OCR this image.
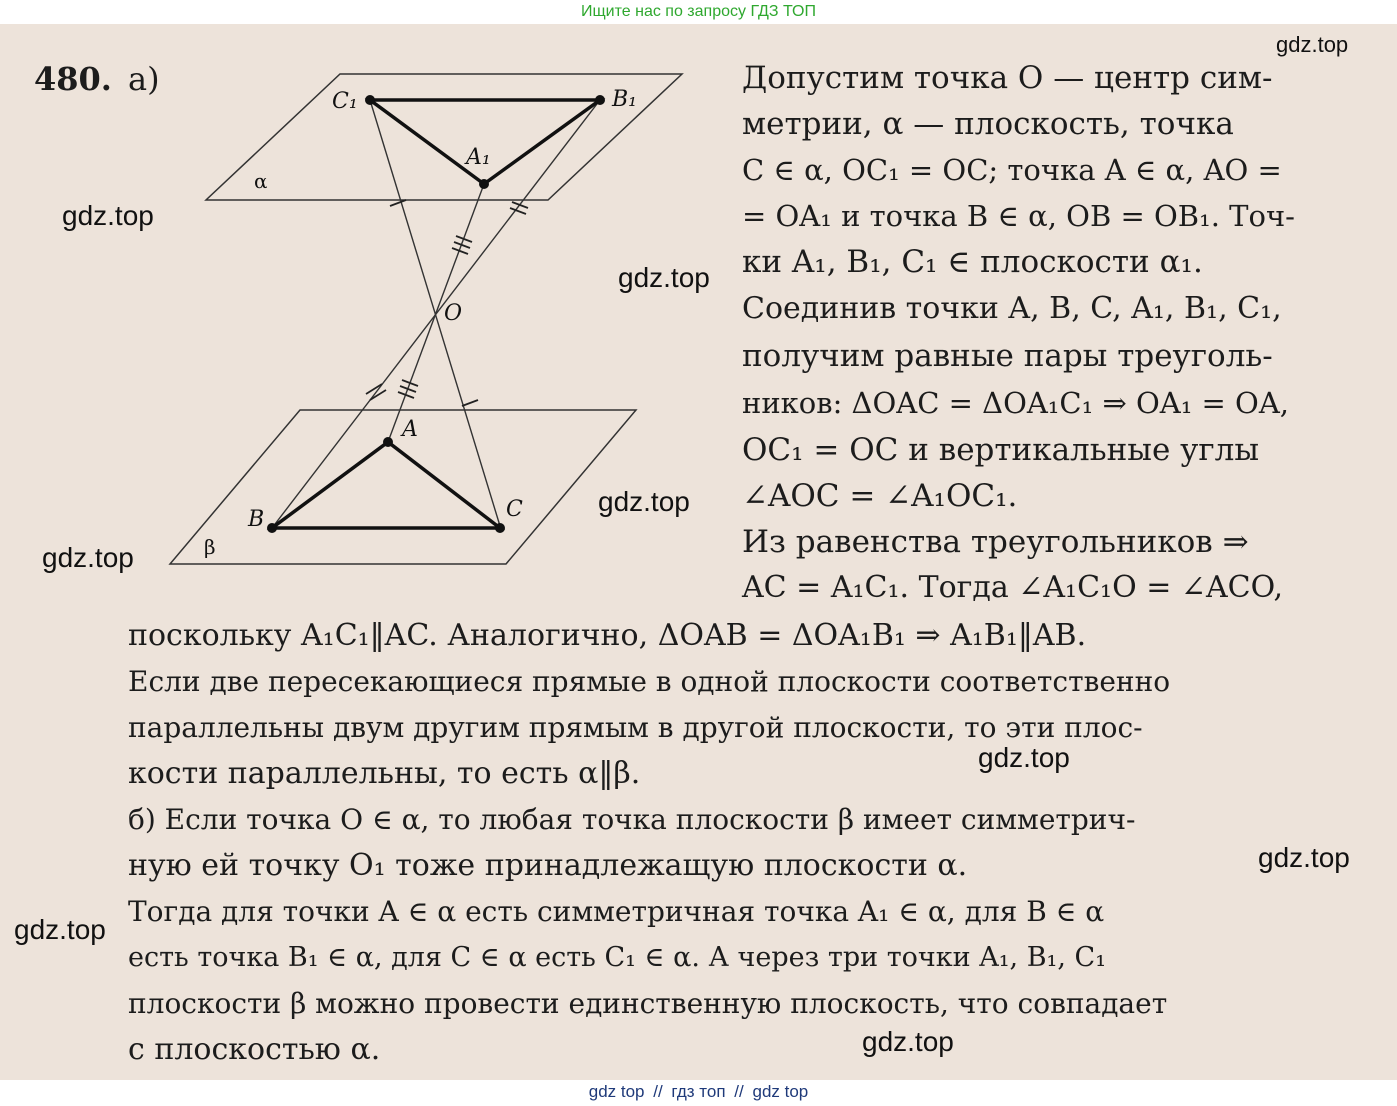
Ищите нас по запросу ГДЗ ТОП
480. а)
C₁	B₁
A₁
α
O
A
B	C
β
Допустим точка O — центр сим-
метрии, α — плоскость, точка
C ∈ α, OC₁ = OC; точка A ∈ α, AO =
= OA₁ и точка B ∈ α, OB = OB₁. Точ-
ки A₁, B₁, C₁ ∈ плоскости α₁.
Соединив точки A, B, C, A₁, B₁, C₁,
получим равные пары треуголь-
ников: ΔOAC = ΔOA₁C₁ ⇒ OA₁ = OA,
OC₁ = OC и вертикальные углы
∠AOC = ∠A₁OC₁.
Из равенства треугольников ⇒
AC = A₁C₁. Тогда ∠A₁C₁O = ∠ACO,
поскольку A₁C₁‖AC. Аналогично, ΔOAB = ΔOA₁B₁ ⇒ A₁B₁‖AB.
Если две пересекающиеся прямые в одной плоскости соответственно
параллельны двум другим прямым в другой плоскости, то эти плос-
кости параллельны, то есть α‖β.
б) Если точка O ∈ α, то любая точка плоскости β имеет симметрич-
ную ей точку O₁ тоже принадлежащую плоскости α.
Тогда для точки A ∈ α есть симметричная точка A₁ ∈ α, для B ∈ α
есть точка B₁ ∈ α, для C ∈ α есть C₁ ∈ α. А через три точки A₁, B₁, C₁
плоскости β можно провести единственную плоскость, что совпадает
с плоскостью α.
gdz.top
gdz.top
gdz.top
gdz.top
gdz.top
gdz.top
gdz.top
gdz.top
gdz.top
gdz top // гдз топ // gdz top
